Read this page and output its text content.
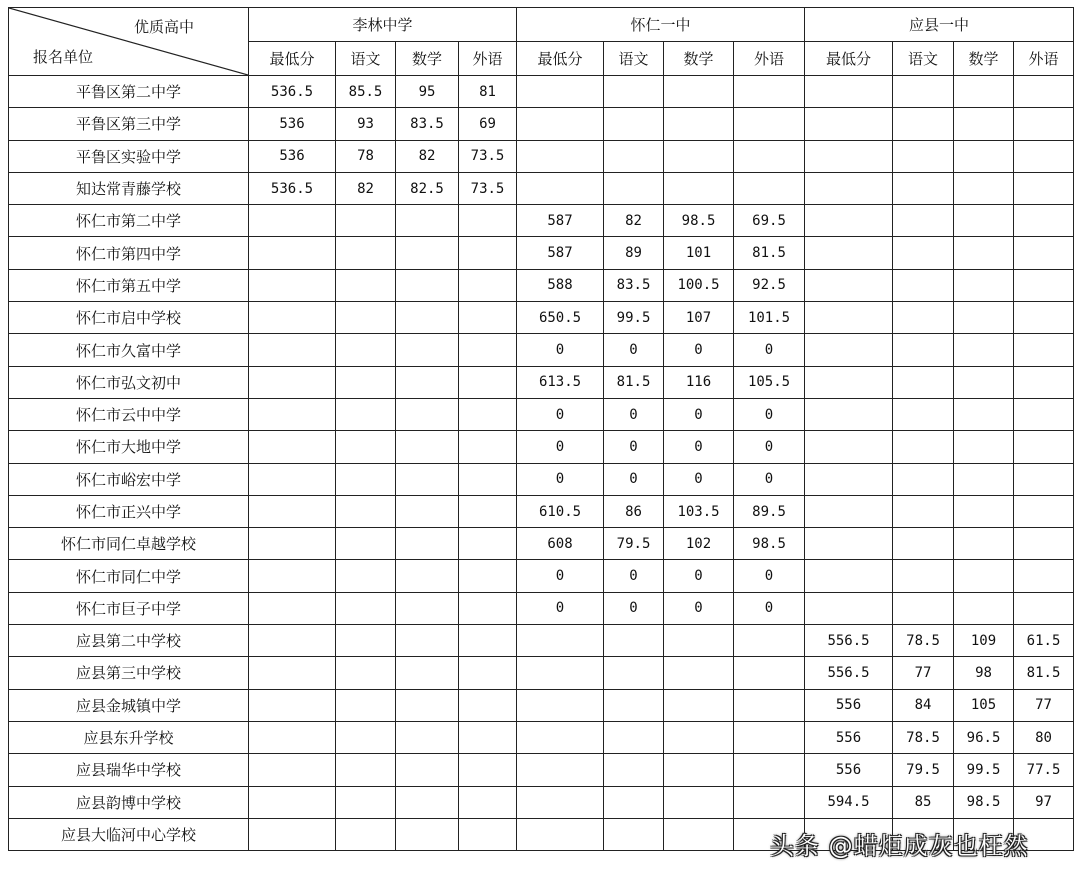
优质高中
报名单位	李林中学				怀仁一中				应县一中			
	最低分	语文	数学	外语	最低分	语文	数学	外语	最低分	语文	数学	外语
平鲁区第二中学	536.5	85.5	95	81								
平鲁区第三中学	536	93	83.5	69								
平鲁区实验中学	536	78	82	73.5								
知达常青藤学校	536.5	82	82.5	73.5								
怀仁市第二中学					587	82	98.5	69.5				
怀仁市第四中学					587	89	101	81.5				
怀仁市第五中学					588	83.5	100.5	92.5				
怀仁市启中学校					650.5	99.5	107	101.5				
怀仁市久富中学					0	0	0	0				
怀仁市弘文初中					613.5	81.5	116	105.5				
怀仁市云中中学					0	0	0	0				
怀仁市大地中学					0	0	0	0				
怀仁市峪宏中学					0	0	0	0				
怀仁市正兴中学					610.5	86	103.5	89.5				
怀仁市同仁卓越学校					608	79.5	102	98.5				
怀仁市同仁中学					0	0	0	0				
怀仁市巨子中学					0	0	0	0				
应县第二中学校									556.5	78.5	109	61.5
应县第三中学校									556.5	77	98	81.5
应县金城镇中学									556	84	105	77
应县东升学校									556	78.5	96.5	80
应县瑞华中学校									556	79.5	99.5	77.5
应县韵博中学校									594.5	85	98.5	97
应县大临河中心学校													头条 @蜡炬成灰也枉然
